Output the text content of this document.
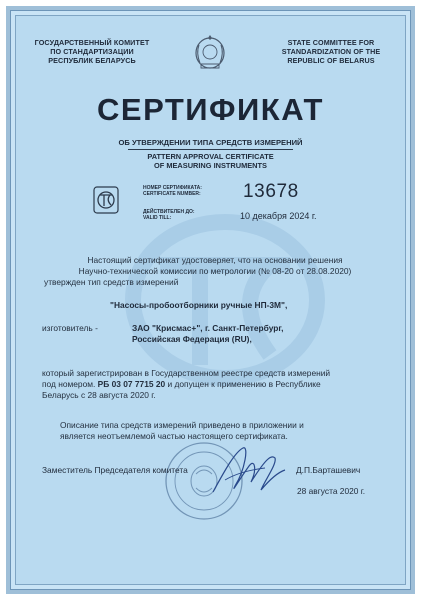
ГОСУДАРСТВЕННЫЙ КОМИТЕТ
ПО СТАНДАРТИЗАЦИИ
РЕСПУБЛИК БЕЛАРУСЬ
STATE COMMITTEE FOR
STANDARDIZATION OF THE
REPUBLIC OF BELARUS
СЕРТИФИКАТ
ОБ УТВЕРЖДЕНИИ ТИПА СРЕДСТВ ИЗМЕРЕНИЙ
PATTERN APPROVAL CERTIFICATE
OF MEASURING INSTRUMENTS
НОМЕР СЕРТИФИКАТА:
CERTIFICATE NUMBER:	13678
ДЕЙСТВИТЕЛЕН ДО:
VALID TILL:	10 декабря 2024 г.
Настоящий сертификат удостоверяет, что на основании решения
Научно-технической комиссии по метрологии (№ 08-20 от 28.08.2020)
утвержден тип средств измерений
"Насосы-пробоотборники ручные НП-3М",
изготовитель -	ЗАО "Крисмас+", г. Санкт-Петербург,
Российская Федерация (RU),
который зарегистрирован в Государственном реестре средств измерений
под номером. РБ 03 07 7715 20 и допущен к применению в Республике
Беларусь с 28 августа 2020 г.
Описание типа средств измерений приведено в приложении и
является неотъемлемой частью настоящего сертификата.
Заместитель Председателя комитета	Д.П.Барташевич
28 августа 2020 г.
